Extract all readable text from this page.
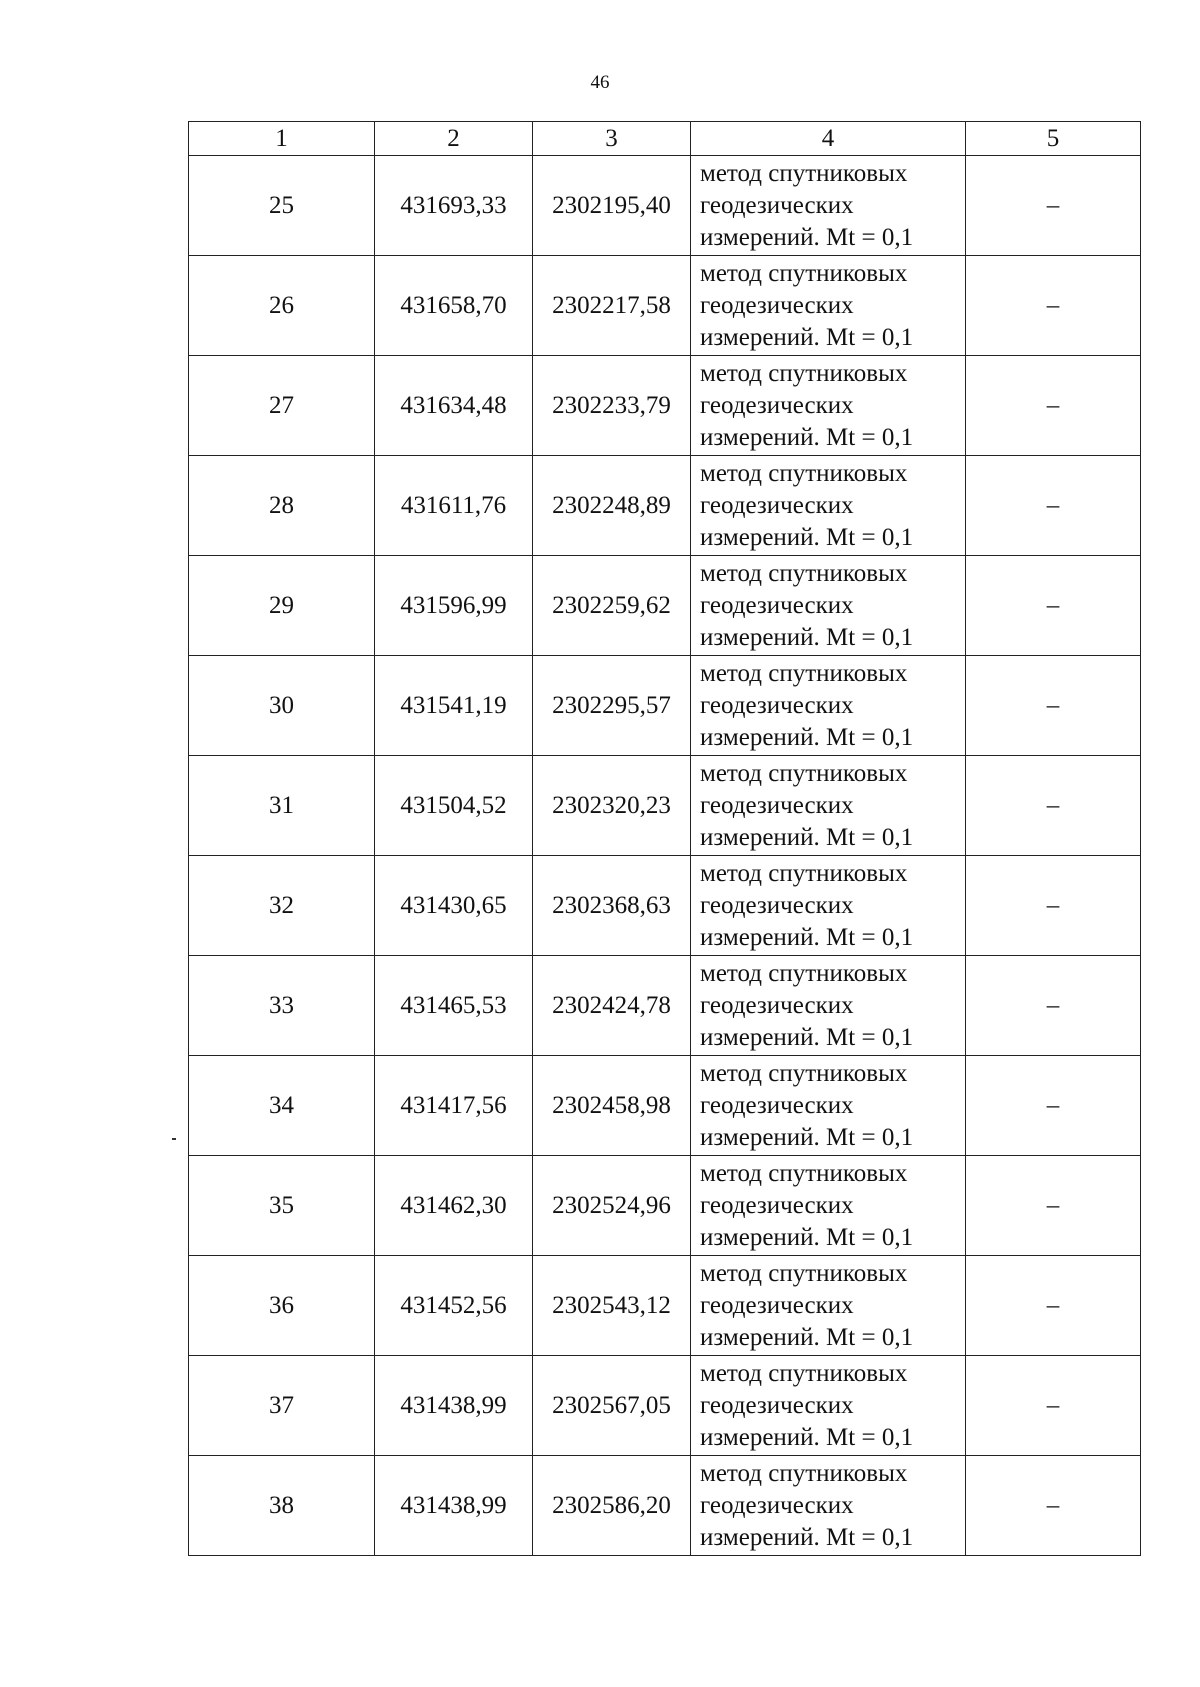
46
1	2	3	4	5
25	431693,33	2302195,40	метод спутниковых
геодезических
измерений. Mt = 0,1	–
26	431658,70	2302217,58	метод спутниковых
геодезических
измерений. Mt = 0,1	–
27	431634,48	2302233,79	метод спутниковых
геодезических
измерений. Mt = 0,1	–
28	431611,76	2302248,89	метод спутниковых
геодезических
измерений. Mt = 0,1	–
29	431596,99	2302259,62	метод спутниковых
геодезических
измерений. Mt = 0,1	–
30	431541,19	2302295,57	метод спутниковых
геодезических
измерений. Mt = 0,1	–
31	431504,52	2302320,23	метод спутниковых
геодезических
измерений. Mt = 0,1	–
32	431430,65	2302368,63	метод спутниковых
геодезических
измерений. Mt = 0,1	–
33	431465,53	2302424,78	метод спутниковых
геодезических
измерений. Mt = 0,1	–
34	431417,56	2302458,98	метод спутниковых
геодезических
измерений. Mt = 0,1	–
35	431462,30	2302524,96	метод спутниковых
геодезических
измерений. Mt = 0,1	–
36	431452,56	2302543,12	метод спутниковых
геодезических
измерений. Mt = 0,1	–
37	431438,99	2302567,05	метод спутниковых
геодезических
измерений. Mt = 0,1	–
38	431438,99	2302586,20	метод спутниковых
геодезических
измерений. Mt = 0,1	–
